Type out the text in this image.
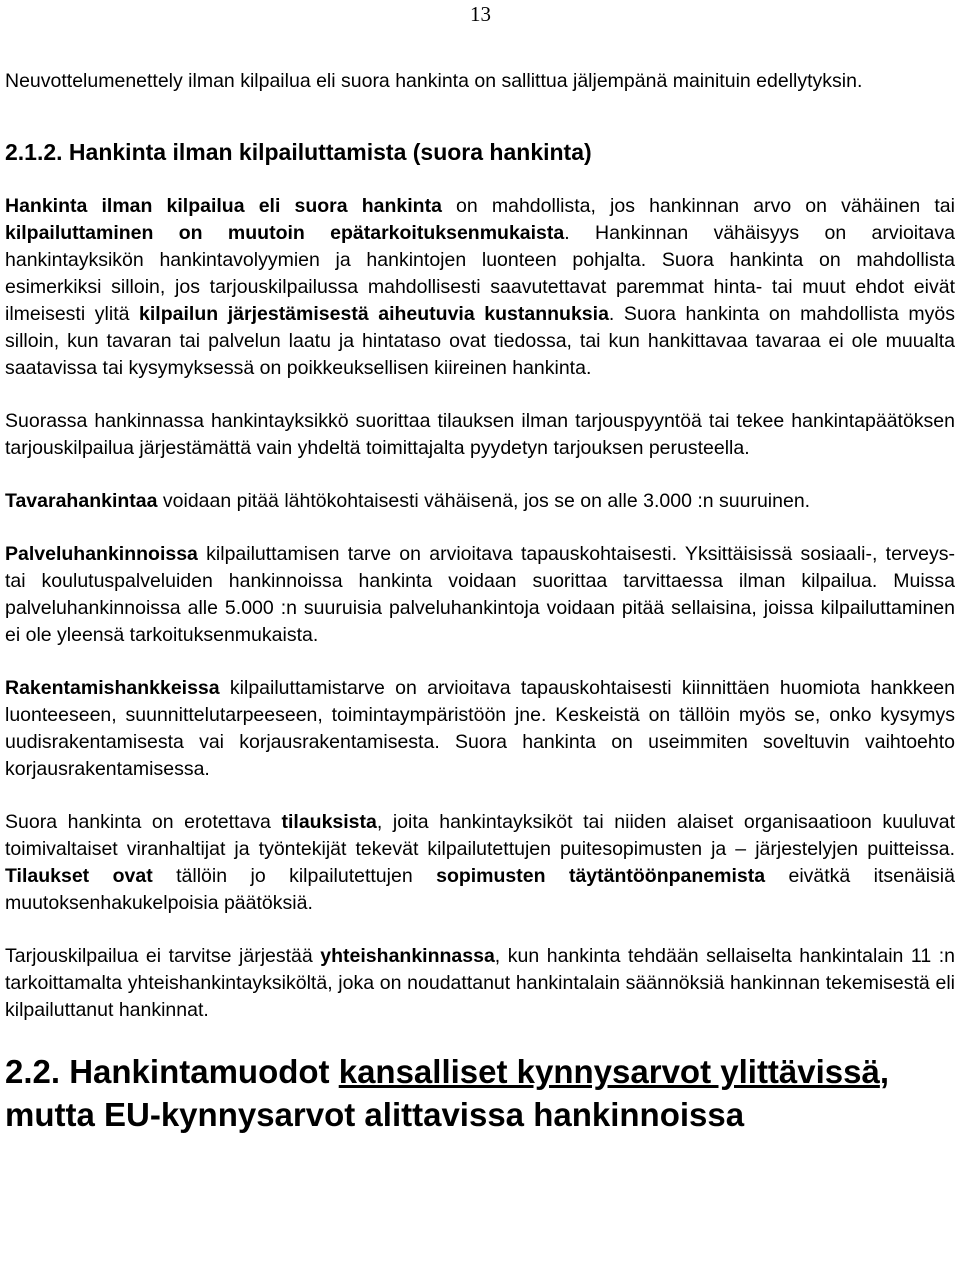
13

Neuvottelumenettely ilman kilpailua eli suora hankinta on sallittua jäljempänä mainituin edellytyksin.

2.1.2. Hankinta ilman kilpailuttamista (suora hankinta)

Hankinta ilman kilpailua eli suora hankinta on mahdollista, jos hankinnan arvo on vähäinen tai kilpailuttaminen on muutoin epätarkoituksenmukaista. Hankinnan vähäisyys on arvioitava hankintayksikön hankintavolyymien ja hankintojen luonteen pohjalta. Suora hankinta on mahdollista esimerkiksi silloin, jos tarjouskilpailussa mahdollisesti saavutettavat paremmat hinta- tai muut ehdot eivät ilmeisesti ylitä kilpailun järjestämisestä aiheutuvia kustannuksia. Suora hankinta on mahdollista myös silloin, kun tavaran tai palvelun laatu ja hintataso ovat tiedossa, tai kun hankittavaa tavaraa ei ole muualta saatavissa tai kysymyksessä on poikkeuksellisen kiireinen hankinta.

Suorassa hankinnassa hankintayksikkö suorittaa tilauksen ilman tarjouspyyntöä tai tekee hankintapäätöksen tarjouskilpailua järjestämättä vain yhdeltä toimittajalta pyydetyn tarjouksen perusteella.

Tavarahankintaa voidaan pitää lähtökohtaisesti vähäisenä, jos se on alle 3.000 :n suuruinen.

Palveluhankinnoissa kilpailuttamisen tarve on arvioitava tapauskohtaisesti. Yksittäisissä sosiaali-, terveys- tai koulutuspalveluiden hankinnoissa hankinta voidaan suorittaa tarvittaessa ilman kilpailua. Muissa palveluhankinnoissa alle 5.000 :n suuruisia palveluhankintoja voidaan pitää sellaisina, joissa kilpailuttaminen ei ole yleensä tarkoituksenmukaista.

Rakentamishankkeissa kilpailuttamistarve on arvioitava tapauskohtaisesti kiinnittäen huomiota hankkeen luonteeseen, suunnittelutarpeeseen, toimintaympäristöön jne. Keskeistä on tällöin myös se, onko kysymys uudisrakentamisesta vai korjausrakentamisesta. Suora hankinta on useimmiten soveltuvin vaihtoehto korjausrakentamisessa.

Suora hankinta on erotettava tilauksista, joita hankintayksiköt tai niiden alaiset organisaatioon kuuluvat toimivaltaiset viranhaltijat ja työntekijät tekevät kilpailutettujen puitesopimusten ja – järjestelyjen puitteissa. Tilaukset ovat tällöin jo kilpailutettujen sopimusten täytäntöönpanemista eivätkä itsenäisiä muutoksenhakukelpoisia päätöksiä.

Tarjouskilpailua ei tarvitse järjestää yhteishankinnassa, kun hankinta tehdään sellaiselta hankintalain 11 :n tarkoittamalta yhteishankintayksiköltä, joka on noudattanut hankintalain säännöksiä hankinnan tekemisestä eli kilpailuttanut hankinnat.

2.2. Hankintamuodot kansalliset kynnysarvot ylittävissä, mutta EU-kynnysarvot alittavissa hankinnoissa
